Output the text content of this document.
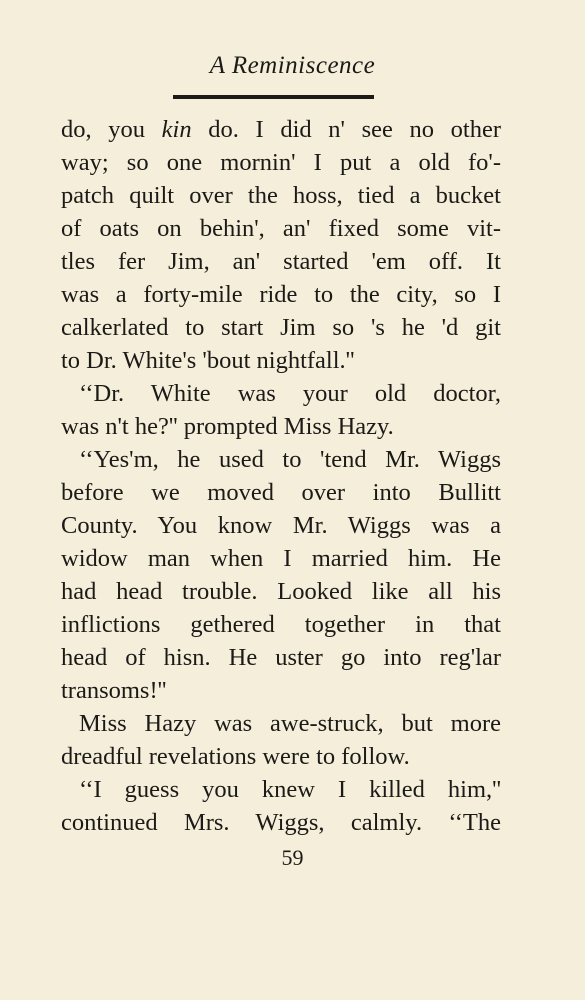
A Reminiscence
do, you kin do. I did n' see no other
way; so one mornin' I put a old fo'-
patch quilt over the hoss, tied a bucket
of oats on behin', an' fixed some vit-
tles fer Jim, an' started 'em off. It
was a forty-mile ride to the city, so I
calkerlated to start Jim so 's he 'd git
to Dr. White's 'bout nightfall.''
‘‘Dr. White was your old doctor,
was n't he?'' prompted Miss Hazy.
‘‘Yes'm, he used to 'tend Mr. Wiggs
before we moved over into Bullitt
County. You know Mr. Wiggs was a
widow man when I married him. He
had head trouble. Looked like all his
inflictions gethered together in that
head of hisn. He uster go into reg'lar
transoms!''
Miss Hazy was awe-struck, but more
dreadful revelations were to follow.
‘‘I guess you knew I killed him,''
continued Mrs. Wiggs, calmly. ‘‘The
59
